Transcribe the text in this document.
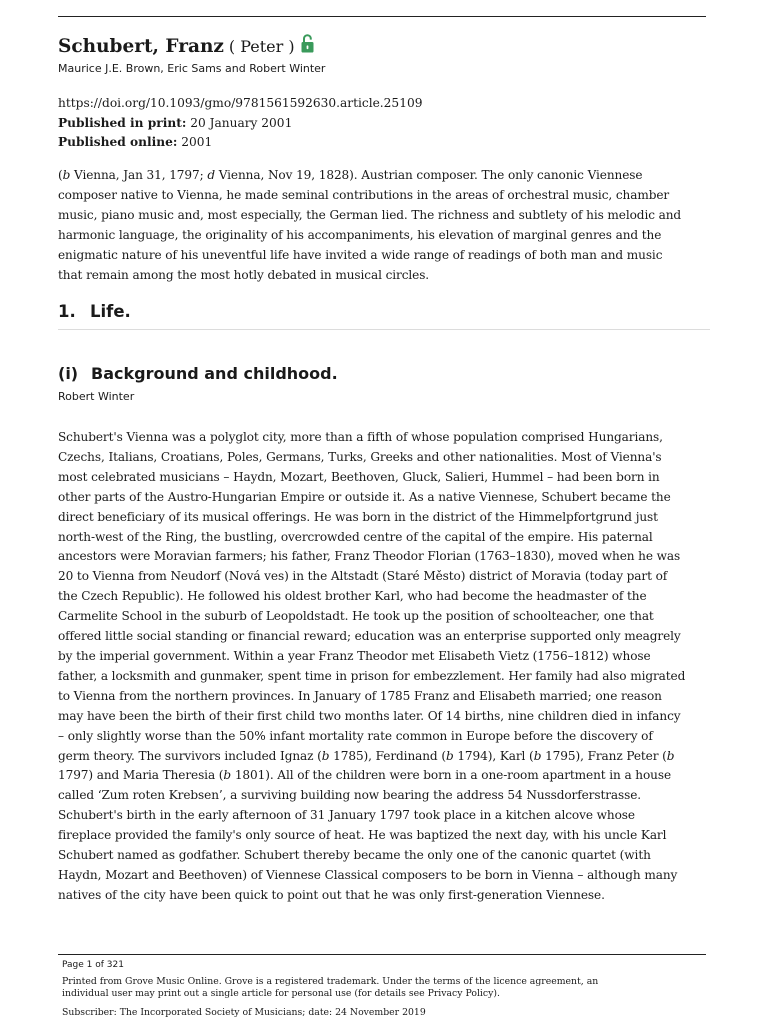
Schubert, Franz ( Peter )
Maurice J.E. Brown, Eric Sams and Robert Winter
https://doi.org/10.1093/gmo/9781561592630.article.25109
Published in print: 20 January 2001
Published online: 2001
(b Vienna, Jan 31, 1797; d Vienna, Nov 19, 1828). Austrian composer. The only canonic Viennese
composer native to Vienna, he made seminal contributions in the areas of orchestral music, chamber
music, piano music and, most especially, the German lied. The richness and subtlety of his melodic and
harmonic language, the originality of his accompaniments, his elevation of marginal genres and the
enigmatic nature of his uneventful life have invited a wide range of readings of both man and music
that remain among the most hotly debated in musical circles.
1. Life.
(i) Background and childhood.
Robert Winter
Schubert's Vienna was a polyglot city, more than a fifth of whose population comprised Hungarians,
Czechs, Italians, Croatians, Poles, Germans, Turks, Greeks and other nationalities. Most of Vienna's
most celebrated musicians – Haydn, Mozart, Beethoven, Gluck, Salieri, Hummel – had been born in
other parts of the Austro-Hungarian Empire or outside it. As a native Viennese, Schubert became the
direct beneficiary of its musical offerings. He was born in the district of the Himmelpfortgrund just
north-west of the Ring, the bustling, overcrowded centre of the capital of the empire. His paternal
ancestors were Moravian farmers; his father, Franz Theodor Florian (1763–1830), moved when he was
20 to Vienna from Neudorf (Nová ves) in the Altstadt (Staré Město) district of Moravia (today part of
the Czech Republic). He followed his oldest brother Karl, who had become the headmaster of the
Carmelite School in the suburb of Leopoldstadt. He took up the position of schoolteacher, one that
offered little social standing or financial reward; education was an enterprise supported only meagrely
by the imperial government. Within a year Franz Theodor met Elisabeth Vietz (1756–1812) whose
father, a locksmith and gunmaker, spent time in prison for embezzlement. Her family had also migrated
to Vienna from the northern provinces. In January of 1785 Franz and Elisabeth married; one reason
may have been the birth of their first child two months later. Of 14 births, nine children died in infancy
– only slightly worse than the 50% infant mortality rate common in Europe before the discovery of
germ theory. The survivors included Ignaz (b 1785), Ferdinand (b 1794), Karl (b 1795), Franz Peter (b
1797) and Maria Theresia (b 1801). All of the children were born in a one-room apartment in a house
called ‘Zum roten Krebsen’, a surviving building now bearing the address 54 Nussdorferstrasse.
Schubert's birth in the early afternoon of 31 January 1797 took place in a kitchen alcove whose
fireplace provided the family's only source of heat. He was baptized the next day, with his uncle Karl
Schubert named as godfather. Schubert thereby became the only one of the canonic quartet (with
Haydn, Mozart and Beethoven) of Viennese Classical composers to be born in Vienna – although many
natives of the city have been quick to point out that he was only first-generation Viennese.
Page 1 of 321
Printed from Grove Music Online. Grove is a registered trademark. Under the terms of the licence agreement, an
individual user may print out a single article for personal use (for details see Privacy Policy).
Subscriber: The Incorporated Society of Musicians; date: 24 November 2019
